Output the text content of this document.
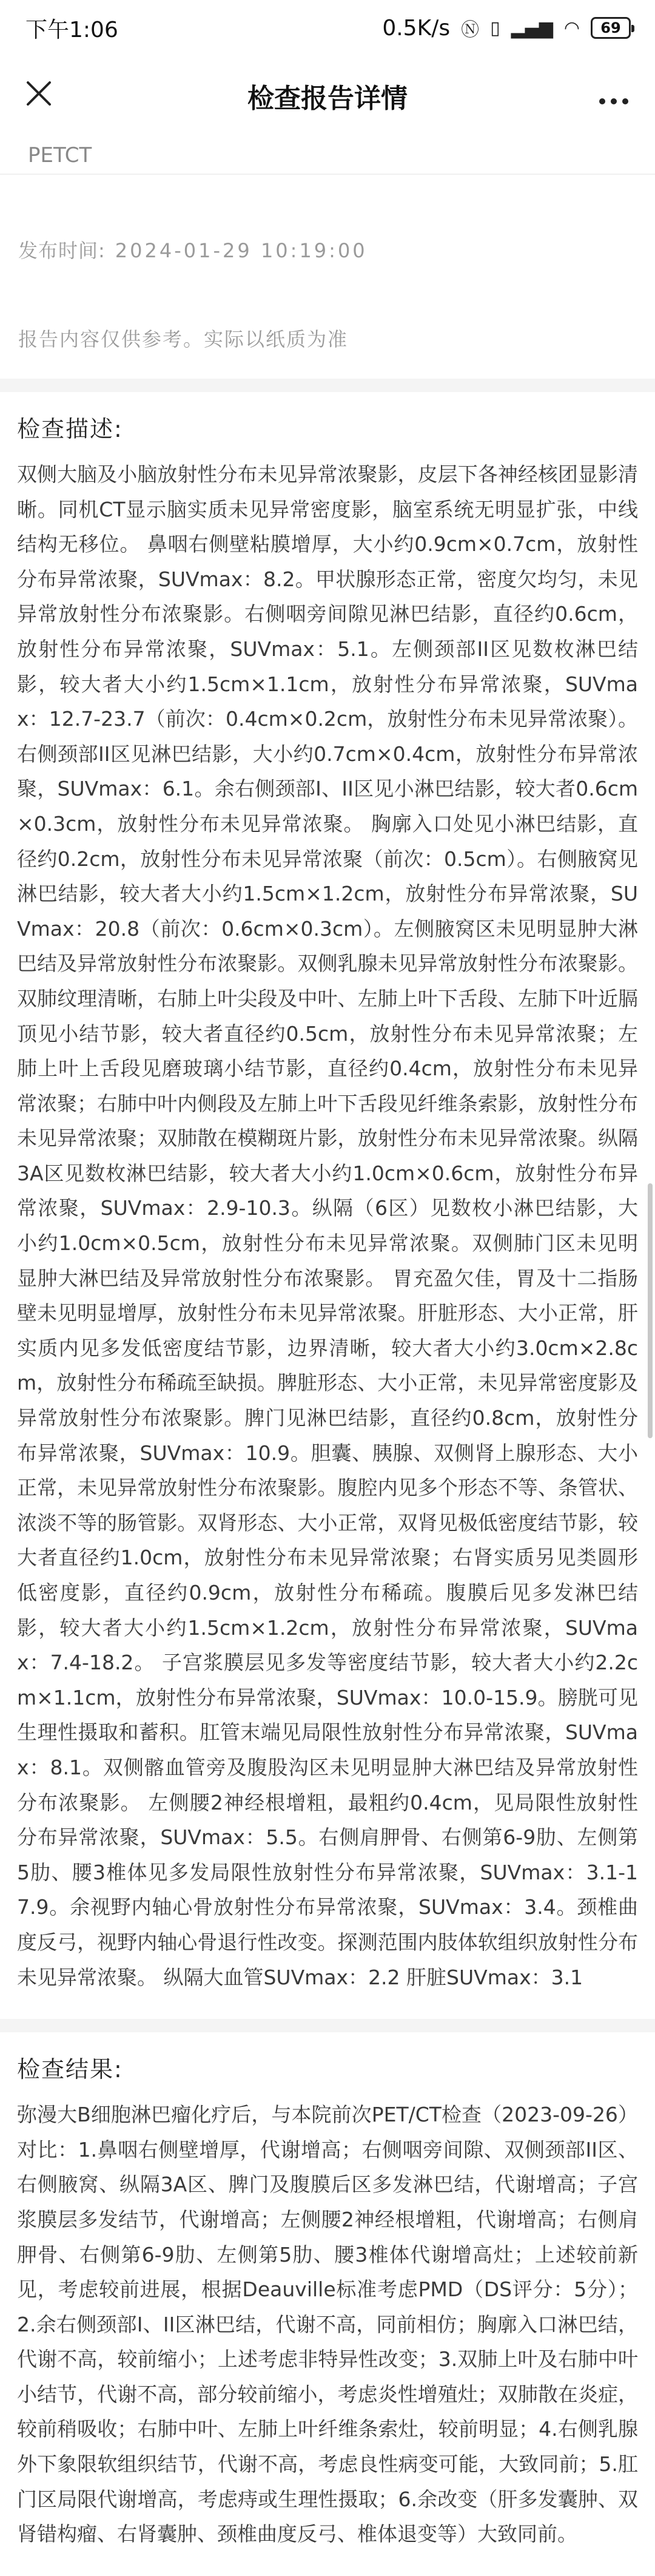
下午1:06	0.5K/s Ⓝ ▯ ▂▄▆ ◠	69
检查报告详情
PETCT
发布时间: 2024-01-29 10:19:00
报告内容仅供参考。实际以纸质为准
检查描述:
双侧大脑及小脑放射性分布未见异常浓聚影，皮层下各神经核团显影清晰。同机CT显示脑实质未见异常密度影，脑室系统无明显扩张，中线结构无移位。 鼻咽右侧壁粘膜增厚，大小约0.9cm×0.7cm，放射性分布异常浓聚，SUVmax：8.2。甲状腺形态正常，密度欠均匀，未见异常放射性分布浓聚影。右侧咽旁间隙见淋巴结影，直径约0.6cm，放射性分布异常浓聚，SUVmax：5.1。左侧颈部II区见数枚淋巴结影，较大者大小约1.5cm×1.1cm，放射性分布异常浓聚，SUVmax：12.7-23.7（前次：0.4cm×0.2cm，放射性分布未见异常浓聚）。右侧颈部II区见淋巴结影，大小约0.7cm×0.4cm，放射性分布异常浓聚，SUVmax：6.1。余右侧颈部I、II区见小淋巴结影，较大者0.6cm×0.3cm，放射性分布未见异常浓聚。 胸廓入口处见小淋巴结影，直径约0.2cm，放射性分布未见异常浓聚（前次：0.5cm）。右侧腋窝见淋巴结影，较大者大小约1.5cm×1.2cm，放射性分布异常浓聚，SUVmax：20.8（前次：0.6cm×0.3cm）。左侧腋窝区未见明显肿大淋巴结及异常放射性分布浓聚影。双侧乳腺未见异常放射性分布浓聚影。双肺纹理清晰，右肺上叶尖段及中叶、左肺上叶下舌段、左肺下叶近膈顶见小结节影，较大者直径约0.5cm，放射性分布未见异常浓聚；左肺上叶上舌段见磨玻璃小结节影，直径约0.4cm，放射性分布未见异常浓聚；右肺中叶内侧段及左肺上叶下舌段见纤维条索影，放射性分布未见异常浓聚；双肺散在模糊斑片影，放射性分布未见异常浓聚。纵隔3A区见数枚淋巴结影，较大者大小约1.0cm×0.6cm，放射性分布异常浓聚，SUVmax：2.9-10.3。纵隔（6区）见数枚小淋巴结影，大小约1.0cm×0.5cm，放射性分布未见异常浓聚。双侧肺门区未见明显肿大淋巴结及异常放射性分布浓聚影。 胃充盈欠佳，胃及十二指肠壁未见明显增厚，放射性分布未见异常浓聚。肝脏形态、大小正常，肝实质内见多发低密度结节影，边界清晰，较大者大小约3.0cm×2.8cm，放射性分布稀疏至缺损。脾脏形态、大小正常，未见异常密度影及异常放射性分布浓聚影。脾门见淋巴结影，直径约0.8cm，放射性分布异常浓聚，SUVmax：10.9。胆囊、胰腺、双侧肾上腺形态、大小正常，未见异常放射性分布浓聚影。腹腔内见多个形态不等、条管状、浓淡不等的肠管影。双肾形态、大小正常，双肾见极低密度结节影，较大者直径约1.0cm，放射性分布未见异常浓聚；右肾实质另见类圆形低密度影，直径约0.9cm，放射性分布稀疏。腹膜后见多发淋巴结影，较大者大小约1.5cm×1.2cm，放射性分布异常浓聚，SUVmax：7.4-18.2。 子宫浆膜层见多发等密度结节影，较大者大小约2.2cm×1.1cm，放射性分布异常浓聚，SUVmax：10.0-15.9。膀胱可见生理性摄取和蓄积。肛管末端见局限性放射性分布异常浓聚，SUVmax：8.1。双侧髂血管旁及腹股沟区未见明显肿大淋巴结及异常放射性分布浓聚影。 左侧腰2神经根增粗，最粗约0.4cm，见局限性放射性分布异常浓聚，SUVmax：5.5。右侧肩胛骨、右侧第6-9肋、左侧第5肋、腰3椎体见多发局限性放射性分布异常浓聚，SUVmax：3.1-17.9。余视野内轴心骨放射性分布异常浓聚，SUVmax：3.4。颈椎曲度反弓，视野内轴心骨退行性改变。探测范围内肢体软组织放射性分布未见异常浓聚。 纵隔大血管SUVmax：2.2 肝脏SUVmax：3.1
检查结果:
弥漫大B细胞淋巴瘤化疗后，与本院前次PET/CT检查（2023-09-26）对比：1.鼻咽右侧壁增厚，代谢增高；右侧咽旁间隙、双侧颈部II区、右侧腋窝、纵隔3A区、脾门及腹膜后区多发淋巴结，代谢增高；子宫浆膜层多发结节，代谢增高；左侧腰2神经根增粗，代谢增高；右侧肩胛骨、右侧第6-9肋、左侧第5肋、腰3椎体代谢增高灶；上述较前新见，考虑较前进展，根据Deauville标准考虑PMD（DS评分：5分）；2.余右侧颈部I、II区淋巴结，代谢不高，同前相仿；胸廓入口淋巴结，代谢不高，较前缩小；上述考虑非特异性改变；3.双肺上叶及右肺中叶小结节，代谢不高，部分较前缩小，考虑炎性增殖灶；双肺散在炎症，较前稍吸收；右肺中叶、左肺上叶纤维条索灶，较前明显；4.右侧乳腺外下象限软组织结节，代谢不高，考虑良性病变可能，大致同前；5.肛门区局限代谢增高，考虑痔或生理性摄取；6.余改变（肝多发囊肿、双肾错构瘤、右肾囊肿、颈椎曲度反弓、椎体退变等）大致同前。
